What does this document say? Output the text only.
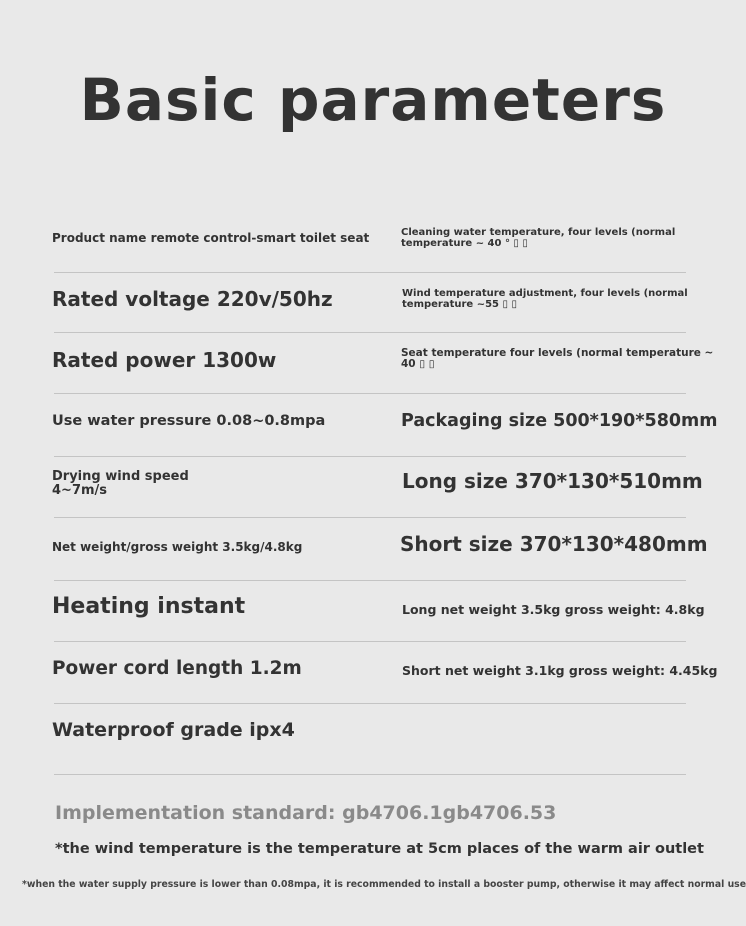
Basic parameters
Product name remote control-smart toilet seat	Cleaning water temperature, four levels (normal temperature ~ 40 ° ▯ ▯
Rated voltage 220v/50hz	Wind temperature adjustment, four levels (normal temperature ~55 ▯ ▯
Rated power 1300w	Seat temperature four levels (normal temperature ~ 40 ▯ ▯
Use water pressure 0.08~0.8mpa	Packaging size 500*190*580mm
Drying wind speed 4~7m/s	Long size 370*130*510mm
Net weight/gross weight 3.5kg/4.8kg	Short size 370*130*480mm
Heating instant	Long net weight 3.5kg gross weight: 4.8kg
Power cord length 1.2m	Short net weight 3.1kg gross weight: 4.45kg
Waterproof grade ipx4
Implementation standard: gb4706.1gb4706.53
*the wind temperature is the temperature at 5cm places of the warm air outlet
*when the water supply pressure is lower than 0.08mpa, it is recommended to install a booster pump, otherwise it may affect normal use
